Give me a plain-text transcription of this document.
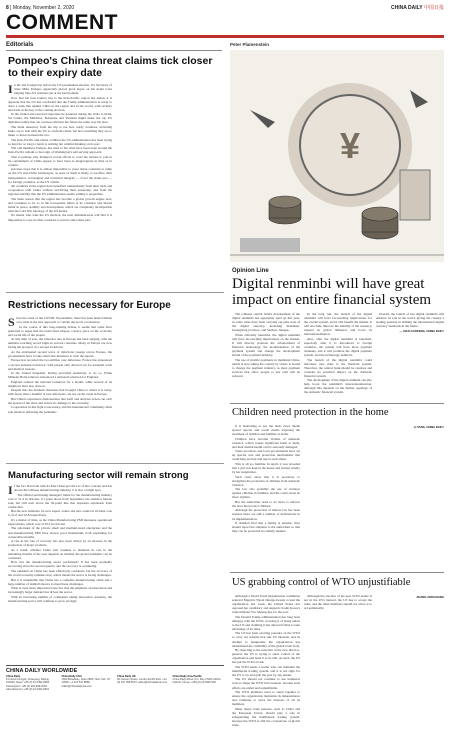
8 | Monday, November 2, 2020	CHINA DAILY 中国日报
COMMENT
Editorials
Pompeo's China threat claims tick closer to their expiry date

In the last foreign trip before the US presidential election, US Secretary of State Mike Pompeo apparently placed great hopes on his Asian tours helping Sino-US relations get at the last moment.

Now that his four-country trip to the Indo-Pacific region has ended, it is apparent that the US has concluded that the Trump administration is ready to draw a stark line against China in the region and in the world, with security and trade as the key to the coming election.

In the visited and reserved responses he garnered during his visits to India, Sri Lanka, the Maldives, Indonesia and Vietnam might make the top US diplomat realize that our overseas division the future the same way his does.

The main takeaway from the trip is not how ready countries, including India, are to side with the US to confront China, but how unwilling they are to make a choice between the two.

The Indo-Pacific anti-China coalition the US administration has been trying so hard for so long to hatch is nothing but wishful thinking on its part.

The odd members Pompeo has tried to fan what have been done around the Indo-Pacific remain a clear sign of Washington's self-serving approach.

That is perhaps why Pompeo's recent efforts to court the nations to join in its containment of China appear to have been as inappropriate in time as in content.

previous stops that it is almost impossible to press Asian countries to jump on the US anti-China bandwagon, as none of them is likely to sacrifice their independence, sovereignty and territorial integrity — if not the status quo — for foreign countries, as the US claims.

All countries in the region have benefited tremendously from their trade and cooperation with China without sacrificing their autonomy, and from the regional stability that the US administration seems willing to jeopardize.

The main reason that the region has become a global growth engine now, and continues to be so in the foreseeable future is its cohesion and shared belief in peace, stability and development, which are completely incompatible with the Cold War ideology of the US hawks.

No matter who wins the US election, the next administration will find it is impossible to rope in other countries to join its anti-China plot.

Restrictions necessary for Europe

Since the onset of the COVID-19 pandemic, there has been heated debate over what is the best approach to contain the novel coronavirus.

In the course of this long-running debate, it seems that some have preferred to argue that the restrictions impose a heavy price on the economy and social life of the people.

At this time of year, the infection rate in Europe has been surging, with the numbers reaching record highs in several countries. Many in Europe are now facing the prospect of a second lockdown.

As the anticipated second wave of infections sweeps across Europe, the governments have to take restrictive measures to curb the spread.

Europe has recorded the two-million case milestone. France has announced a second national lockdown, with people only allowed out for essential work and medical reasons.

In the United Kingdom, having prevailed tentatively to do so, Prime Minister Boris Johnson announced a national lockdown for England.

England ordered the national lockdown for a month, while several of its neighbors have also done so.

Despite this, the dramatic measures that brought China to where it is today, with fewer than a handful of new infections, are not on the cards in Europe.

But China's experience demonstrates that swift and decisive action can curb the spread of the virus and reduce its damage to the economy.

Cooperation in this fight is necessary, and the international community must join hands in defeating the pandemic.

Manufacturing sector will remain strong

If the fact that trade with its East China province is of dire concern and has shown the Chinese manufacturing industry, it is also a bright spot.

The official purchasing managers' index for the manufacturing industry rose to 51.4 in October, 0.1 point down from September, the statistics bureau said, but still well above the 50-point line that separates expansion from contraction.

But the new subindex for new export orders and new orders in October rose to 51.0 and 52.8 respectively.

It's a matter of time, as the China Manufacturing PMI measures operational expectations, which rose at 59.3 in October.

The sub-index of the private small and medium-sized enterprises and the non-manufacturing PMI have shown good momentum, both expanding for consecutive months.

A rise in the rate of recovery has also been driven by an increase in the production of major products.

As a result, whether China will continue to maintain its rate in the remaining months of the year depends on whether the global pandemic can be contained.

How has the manufacturing sector performed? It has been gradually recovering since the second quarter, and the recovery is continuing.

The epidemic in China has been effectively contained, but the recovery of the world economy remains slow, which means the sector is facing challenges.

But it is undeniable that China has a complete manufacturing chain and a large number of skilled laborers to meet these challenges.

What is even more important is the fact that the emphasis on innovation and increasingly larger demand has driven the sector.

With an increasing number of companies taking innovation seriously, the manufacturing sector will continue to grow strongly.

CHINA DAILY WORLDWIDE
China Daily
15 Huixin Dongjie, Chaoyang, Beijing 100029. News: +86 (0) 10 6491-8366. Subscription: +86 (0) 400-699-0203. Advertisement: +86 (0) 10 6491-8631
China Daily USA
1500 Broadway, Suite 2800, New York, NY 10036. +1 212 537 8888. editor@chinadailyusa.com
China Daily UK
90 Cannon Street, London EC4N 6HA. +44 (0) 207 398 8270. editor@chinadailyuk.com
China Daily Asia Pacific
China Daily Africa, P.O. Box 27281-00100, Nairobi, Kenya. +254 (0) 20 6920 900
Peter Plamenstein
¥
Opinion Line
Digital renminbi will have great impact on entire financial system

The Chinese central bank's development of the digital renminbi has apparently sped up this year, as some cities have been carrying out pilot tests of the digital currency, including Shenzhen, Guangdong province, and Suzhou, Jiangsu.

When officially launched, the digital renminbi will have far-reaching implications on the market. It will directly promote the advancement of financial technology, the modernization of the payment system and change the development model of the payment industry.

The use of mobile payments in mainland China, which is now taking the country by storm, is bound to change the payment industry, as most payment services that allow people to use cash will be reduced.

In the long run, the launch of the digital renminbi will have far-reaching implications for the overall system, and it will benefit the market. It will also help improve the stability of the currency, expand its global influence and boost its internationalization.

Also, after the digital renminbi is launched, especially after it is introduced to foreign countries, the system will have more payment channels, and it will promote the digital payment system, and the technology behind it.

The launch of the digital renminbi could introduce new risks to the financial system. Therefore, the central bank should be cautious and consider its potential impact on the domestic financial system.

The development of the digital renminbi can also help boost the renminbi's internationalization, although this depends on the further openings of the domestic financial system.

Overall, the launch of the digital renminbi will enhance its role in the world, giving the country a leading position in shifting the international digital currency standards in the future.

— XIAO GUOFENG, CHINA DAILY
Children need protection in the home

It is heartening to see the mass news media spread reports and social media exposing the treatment of children and families at home.

Children have become victims of domestic violence, which causes significant harm to them, and their mental health can be seriously damaged.

Some provinces and local governments have set up special care and protection mechanisms that could help prevent and report such abuse.

This is all too familiar. In April, it was revealed that a girl was kept in the house and treated cruelly by her stepmother.

Such cases show that it is necessary to strengthen the protection of children from domestic violence.

The law also prohibits the use of violence against children in families, and the courts must be more vigilant.

But the authorities need to do more to enforce the laws that protect children.

Although the protection of minors law has been revised, there are still a number of deficiencies in its implementation.

If children find that a family is abusive, they should report the situation to the authorities so that they can be protected in a timely manner.

LI YANG, CHINA DAILY
US grabbing control of WTO unjustifiable

Although a World Trade Organization committee selected Nigeria's Ngozi Okonjo-Iweala to lead the organization last week, the United States has opposed her candidacy and supports South Korea's trade minister Yoo Myung-hee for the post.

The Donald Trump administration has long been unhappy with the WTO, accusing it of being unfair to the US and claiming it has allowed China to take advantage of its rules.

The US has been exerting pressure on the WTO to carry out reforms that suit US interests, and its attempt to manipulate the organization has undermined the credibility of the global trade body.

By objecting to the selection of the new director-general, the US is trying to seize control of the organization and bend it to its will. As such, the US has put the WTO at risk.

The WTO needs a leader who can maintain the multilateral trading system, and it is not right for the US to try and grab the post by any means.

The US should not continue to use unilateral tools to shape the WTO in its interest, because such efforts are unfair and unjustifiable.

The WTO members need to stand together to ensure the organization maintains its independence and continues to serve the interests of all its members.

Other major trade partners, such as China and the European Union, should play a role in safeguarding the multilateral trading system, because the WTO is still the cornerstone of global trade.

Although the election of the new WTO leader is not in the US's interest, the US has to accept the rules, and the other members should not allow it to act unilaterally.

ZHANG ZHOUXIANG
